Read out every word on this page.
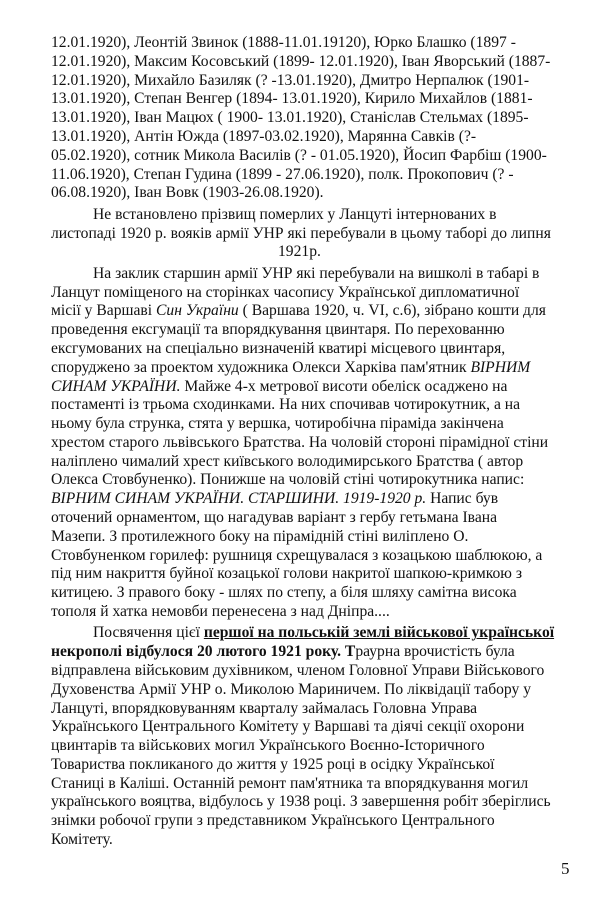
12.01.1920), Леонтій Звинок (1888-11.01.19120), Юрко Блашко (1897 -
12.01.1920), Максим Косовський (1899- 12.01.1920), Іван Яворський (1887-
12.01.1920), Михайло Базиляк (? -13.01.1920), Дмитро Нерпалюк (1901-
13.01.1920), Степан Венгер (1894- 13.01.1920), Кирило Михайлов (1881-
13.01.1920), Іван Мацюх ( 1900- 13.01.1920), Станіслав Стельмах (1895-
13.01.1920), Антін Южда (1897-03.02.1920), Марянна Савків (?-
05.02.1920), сотник Микола Василів (? - 01.05.1920), Йосип Фарбіш (1900-
11.06.1920), Степан Гудина (1899 - 27.06.1920), полк. Прокопович (? -
06.08.1920), Іван Вовк (1903-26.08.1920).
Не встановлено прізвищ померлих у Ланцуті інтернованих в
листопаді 1920 р. вояків армії УНР які перебували в цьому таборі до липня
1921р.
На заклик старшин армії УНР які перебували на вишколі в табарі в
Ланцут поміщеного на сторінках часопису Української дипломатичної
місії у Варшаві Син України ( Варшава 1920, ч. VI, с.6), зібрано кошти для
проведення ексгумації та впорядкування цвинтаря. По перехованню
ексгумованих на спеціально визначеній кватирі місцевого цвинтаря,
споруджено за проектом художника Олекси Харківа пам'ятник ВІРНИМ
СИНАМ УКРАЇНИ. Майже 4-х метрової висоти обеліск осаджено на
постаменті із трьома сходинками. На них спочивав чотирокутник, а на
ньому була струнка, стята у вершка, чотиробічна піраміда закінчена
хрестом старого львівського Братства. На чоловій стороні пірамідної стіни
наліплено чималий хрест київського володимирського Братства ( автор
Олекса Стовбуненко). Понижше на чоловій стіні чотирокутника напис:
ВІРНИМ СИНАМ УКРАЇНИ. СТАРШИНИ. 1919-1920 р. Напис був
оточений орнаментом, що нагадував варіант з гербу гетьмана Івана
Мазепи. З протилежного боку на пірамідній стіні виліплено О.
Стовбуненком горилеф: рушниця схрещувалася з козацькою шаблюкою, а
під ним накриття буйної козацької голови накритої шапкою-кримкою з
китицею. З правого боку - шлях по степу, а біля шляху самітна висока
тополя й хатка немовби перенесена з над Дніпра....
Посвячення цієї першої на польській землі військової української
некрополі відбулося 20 лютого 1921 року. Траурна врочистість була
відправлена військовим духівником, членом Головної Управи Військового
Духовенства Армії УНР о. Миколою Мариничем. По ліквідації табору у
Ланцуті, впорядковуванням кварталу займалась Головна Управа
Українського Центрального Комітету у Варшаві та діячі секції охорони
цвинтарів та військових могил Українського Воєнно-Історичного
Товариства покликаного до життя у 1925 році в осідку Української
Станиці в Каліші. Останній ремонт пам'ятника та впорядкування могил
українського вояцтва, відбулось у 1938 році. З завершення робіт зберіглись
знімки робочої групи з представником Українського Центрального
Комітету.
5
